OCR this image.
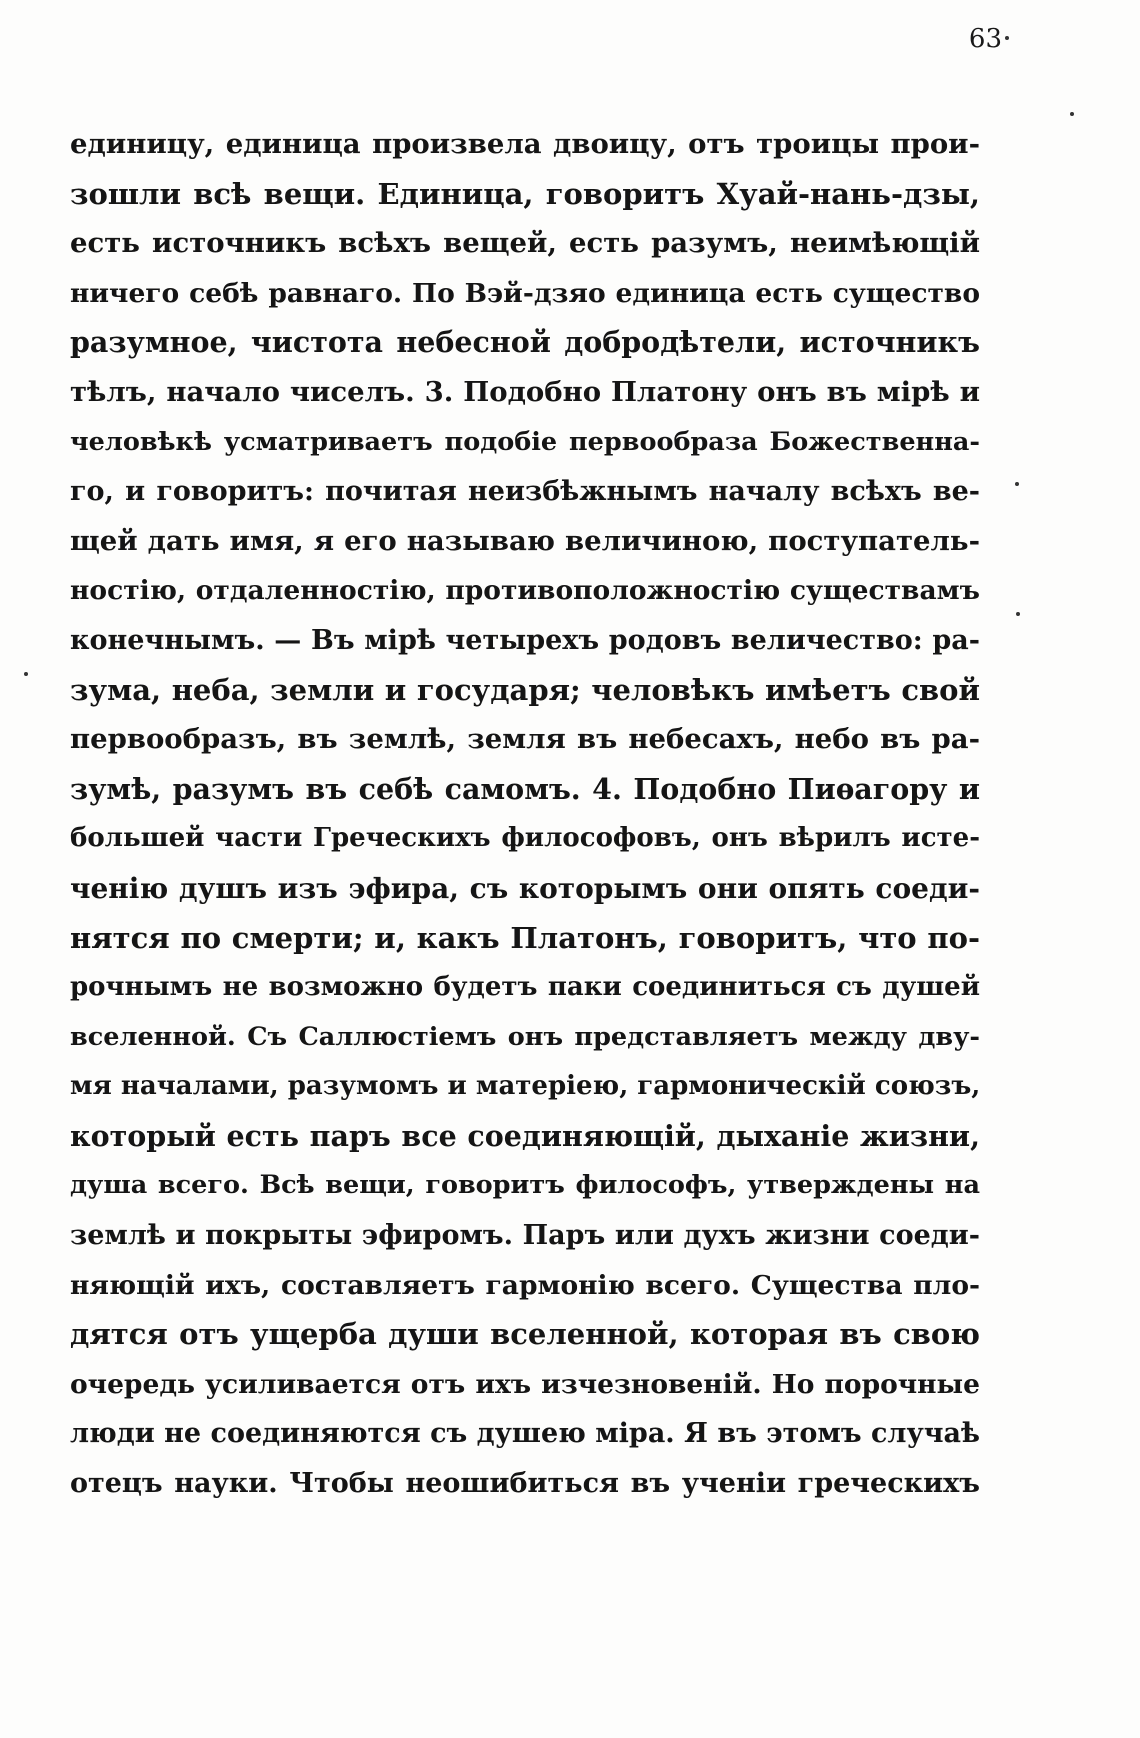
63
единицу, единица произвела двоицу, отъ троицы прои-
зошли всѣ вещи. Единица, говоритъ Хуай-нань-дзы,
есть источникъ всѣхъ вещей, есть разумъ, неимѣющiй
ничего себѣ равнаго. По Вэй-дзяо единица есть существо
разумное, чистота небесной добродѣтели, источникъ
тѣлъ, начало чиселъ. 3. Подобно Платону онъ въ мiрѣ и
человѣкѣ усматриваетъ подобiе первообраза Божественна-
го, и говоритъ: почитая неизбѣжнымъ началу всѣхъ ве-
щей дать имя, я его называю величиною, поступатель-
ностiю, отдаленностiю, противоположностiю существамъ
конечнымъ. — Въ мiрѣ четырехъ родовъ величество: ра-
зума, неба, земли и государя; человѣкъ имѣетъ свой
первообразъ, въ землѣ, земля въ небесахъ, небо въ ра-
зумѣ, разумъ въ себѣ самомъ. 4. Подобно Пиѳагору и
большей части Греческихъ философовъ, онъ вѣрилъ исте-
ченiю душъ изъ эфира, съ которымъ они опять соеди-
нятся по смерти; и, какъ Платонъ, говоритъ, что по-
рочнымъ не возможно будетъ паки соединиться съ душей
вселенной. Съ Саллюстiемъ онъ представляетъ между дву-
мя началами, разумомъ и матерiею, гармоническiй союзъ,
который есть паръ все соединяющiй, дыханiе жизни,
душа всего. Всѣ вещи, говоритъ философъ, утверждены на
землѣ и покрыты эфиромъ. Паръ или духъ жизни соеди-
няющiй ихъ, составляетъ гармонiю всего. Существа пло-
дятся отъ ущерба души вселенной, которая въ свою
очередь усиливается отъ ихъ изчезновенiй. Но порочные
люди не соединяются съ душею мiра. Я въ этомъ случаѣ
отецъ науки. Чтобы неошибиться въ ученiи греческихъ
